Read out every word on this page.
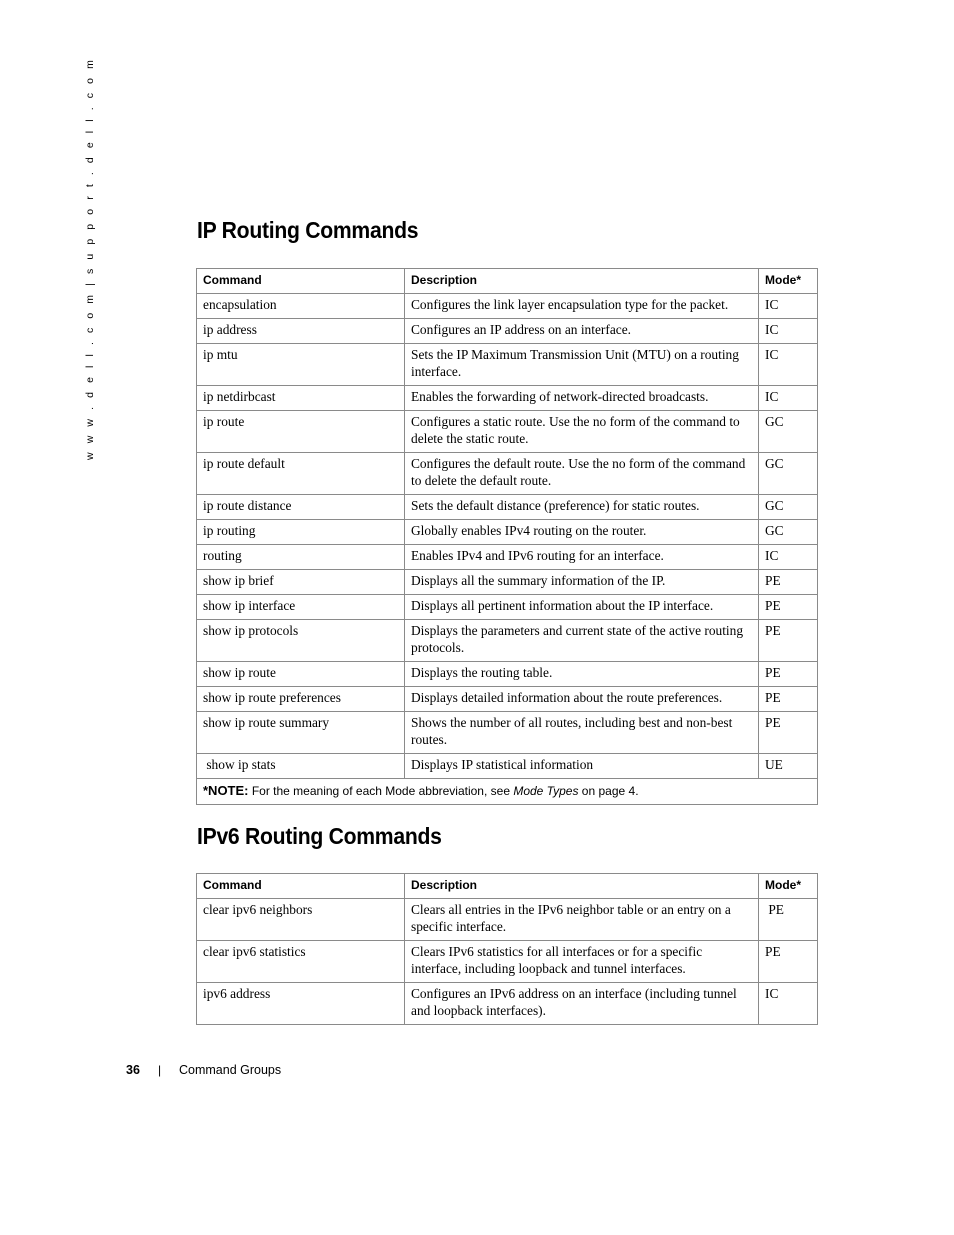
w w w . d e l l . c o m | s u p p o r t . d e l l . c o m	IP Routing Commands
Command	Description	Mode*
encapsulation	Configures the link layer encapsulation type for the packet.	IC
ip address	Configures an IP address on an interface.	IC
ip mtu	Sets the IP Maximum Transmission Unit (MTU) on a routing interface.	IC
ip netdirbcast	Enables the forwarding of network-directed broadcasts.	IC
ip route	Configures a static route. Use the no form of the command to delete the static route.	GC
ip route default	Configures the default route. Use the no form of the command to delete the default route.	GC
ip route distance	Sets the default distance (preference) for static routes.	GC
ip routing	Globally enables IPv4 routing on the router.	GC
routing	Enables IPv4 and IPv6 routing for an interface.	IC
show ip brief	Displays all the summary information of the IP.	PE
show ip interface	Displays all pertinent information about the IP interface.	PE
show ip protocols	Displays the parameters and current state of the active routing protocols.	PE
show ip route	Displays the routing table.	PE
show ip route preferences	Displays detailed information about the route preferences.	PE
show ip route summary	Shows the number of all routes, including best and non-best routes.	PE
show ip stats	Displays IP statistical information	UE
*NOTE: For the meaning of each Mode abbreviation, see Mode Types on page 4.		
IPv6 Routing Commands
Command	Description	Mode*
clear ipv6 neighbors	Clears all entries in the IPv6 neighbor table or an entry on a specific interface.	PE
clear ipv6 statistics	Clears IPv6 statistics for all interfaces or for a specific interface, including loopback and tunnel interfaces.	PE
ipv6 address	Configures an IPv6 address on an interface (including tunnel and loopback interfaces).	IC
36 | Command Groups
